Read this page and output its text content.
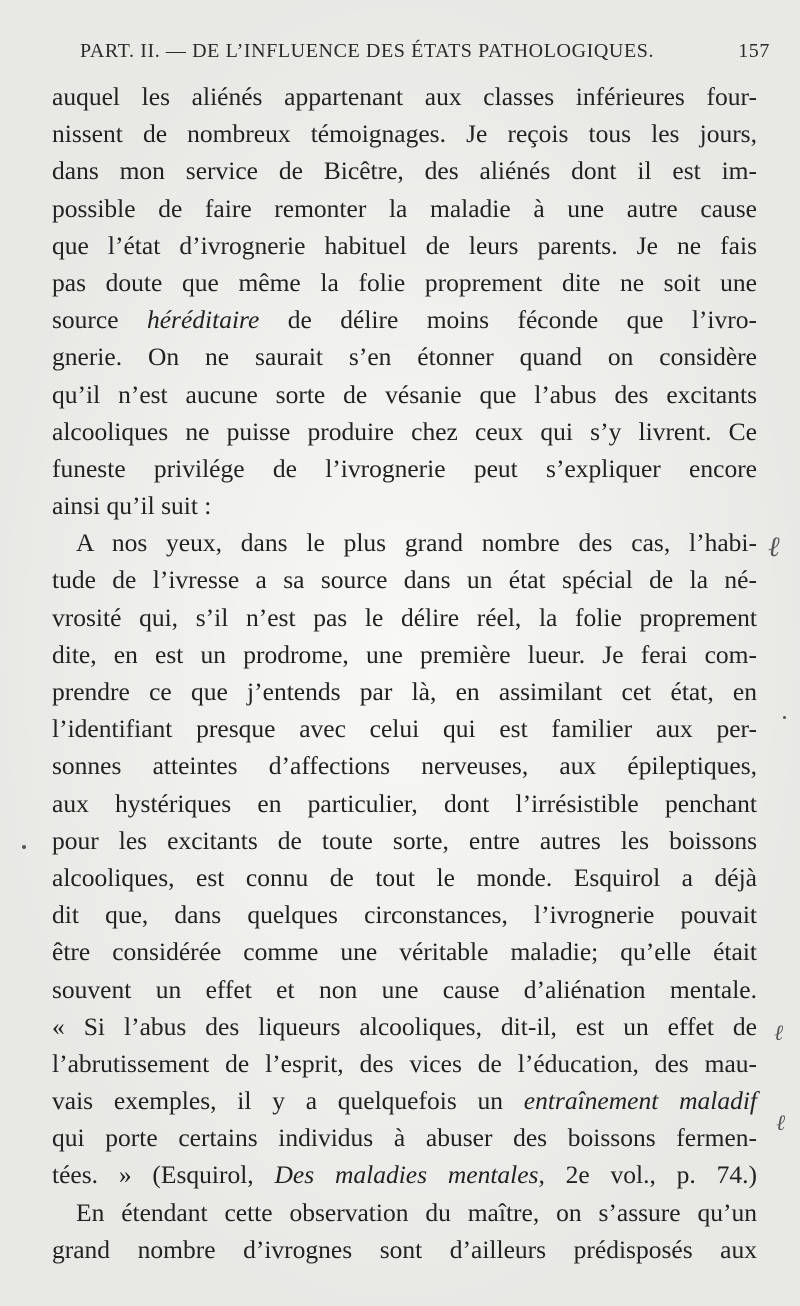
PART. II. — DE L’INFLUENCE DES ÉTATS PATHOLOGIQUES.	157
auquel les aliénés appartenant aux classes inférieures four-
nissent de nombreux témoignages. Je reçois tous les jours,
dans mon service de Bicêtre, des aliénés dont il est im-
possible de faire remonter la maladie à une autre cause
que l’état d’ivrognerie habituel de leurs parents. Je ne fais
pas doute que même la folie proprement dite ne soit une
source héréditaire de délire moins féconde que l’ivro-
gnerie. On ne saurait s’en étonner quand on considère
qu’il n’est aucune sorte de vésanie que l’abus des excitants
alcooliques ne puisse produire chez ceux qui s’y livrent. Ce
funeste privilége de l’ivrognerie peut s’expliquer encore
ainsi qu’il suit :
A nos yeux, dans le plus grand nombre des cas, l’habi-
tude de l’ivresse a sa source dans un état spécial de la né-
vrosité qui, s’il n’est pas le délire réel, la folie proprement
dite, en est un prodrome, une première lueur. Je ferai com-
prendre ce que j’entends par là, en assimilant cet état, en
l’identifiant presque avec celui qui est familier aux per-
sonnes atteintes d’affections nerveuses, aux épileptiques,
aux hystériques en particulier, dont l’irrésistible penchant
pour les excitants de toute sorte, entre autres les boissons
alcooliques, est connu de tout le monde. Esquirol a déjà
dit que, dans quelques circonstances, l’ivrognerie pouvait
être considérée comme une véritable maladie; qu’elle était
souvent un effet et non une cause d’aliénation mentale.
« Si l’abus des liqueurs alcooliques, dit-il, est un effet de
l’abrutissement de l’esprit, des vices de l’éducation, des mau-
vais exemples, il y a quelquefois un entraînement maladif
qui porte certains individus à abuser des boissons fermen-
tées. » (Esquirol, Des maladies mentales, 2e vol., p. 74.)
En étendant cette observation du maître, on s’assure qu’un
grand nombre d’ivrognes sont d’ailleurs prédisposés aux
ℓ
ℓ
ℓ
